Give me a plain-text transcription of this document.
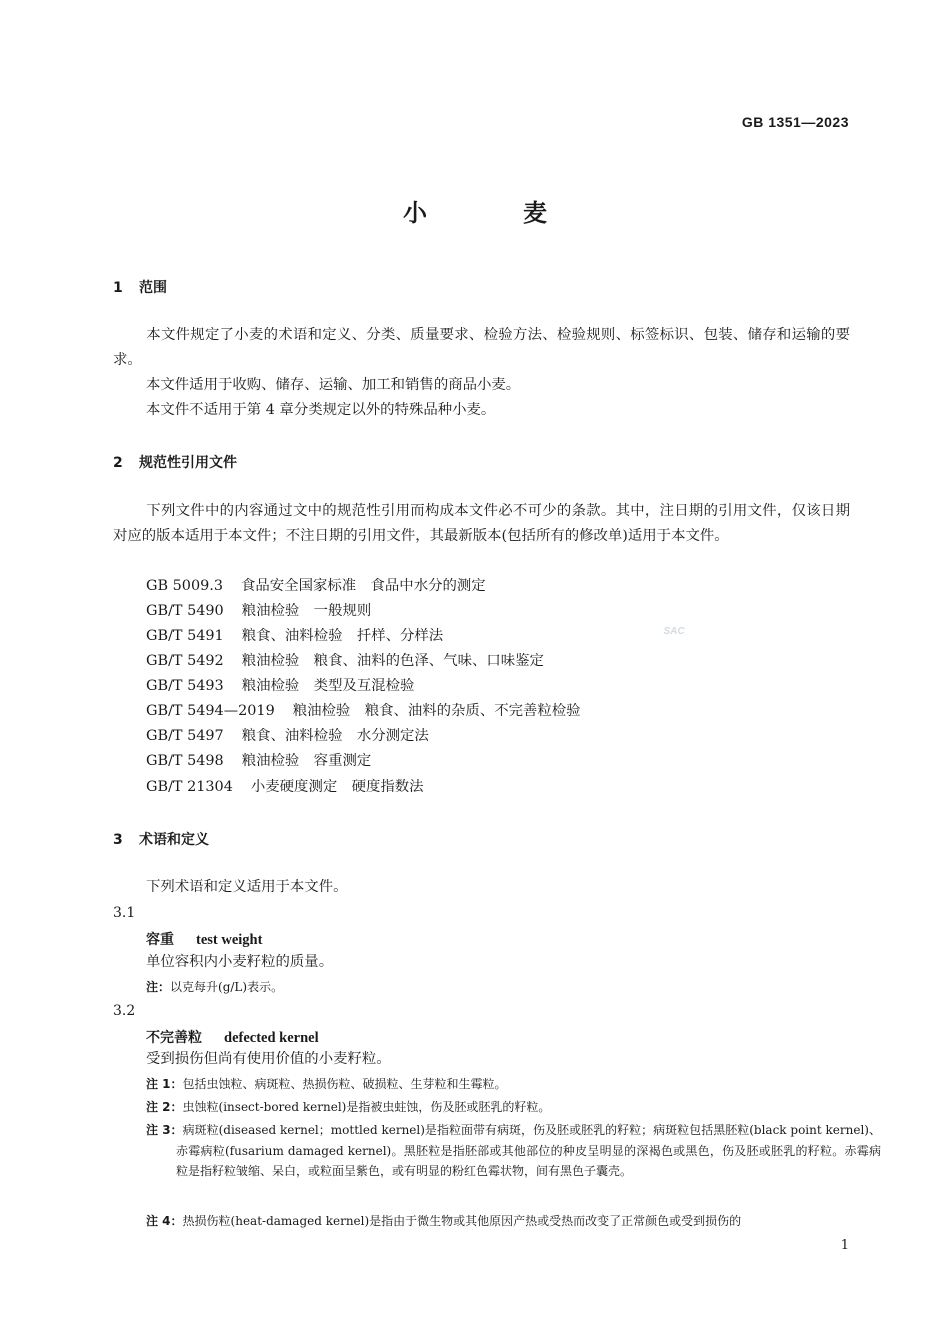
GB 1351—2023
小	麦
1 范围
本文件规定了小麦的术语和定义、分类、质量要求、检验方法、检验规则、标签标识、包装、储存和运输的要求。
本文件适用于收购、储存、运输、加工和销售的商品小麦。
本文件不适用于第 4 章分类规定以外的特殊品种小麦。
2 规范性引用文件
下列文件中的内容通过文中的规范性引用而构成本文件必不可少的条款。其中，注日期的引用文件，仅该日期对应的版本适用于本文件；不注日期的引用文件，其最新版本(包括所有的修改单)适用于本文件。
GB 5009.3 食品安全国家标准　食品中水分的测定
GB/T 5490 粮油检验　一般规则
GB/T 5491 粮食、油料检验　扦样、分样法
GB/T 5492 粮油检验　粮食、油料的色泽、气味、口味鉴定
GB/T 5493 粮油检验　类型及互混检验
GB/T 5494—2019 粮油检验　粮食、油料的杂质、不完善粒检验
GB/T 5497 粮食、油料检验　水分测定法
GB/T 5498 粮油检验　容重测定
GB/T 21304 小麦硬度测定　硬度指数法
SAC
3 术语和定义
下列术语和定义适用于本文件。
3.1
容重 test weight
单位容积内小麦籽粒的质量。
注：以克每升(g/L)表示。
3.2
不完善粒 defected kernel
受到损伤但尚有使用价值的小麦籽粒。
注 1：包括虫蚀粒、病斑粒、热损伤粒、破损粒、生芽粒和生霉粒。
注 2：虫蚀粒(insect-bored kernel)是指被虫蛀蚀，伤及胚或胚乳的籽粒。
注 3：病斑粒(diseased kernel；mottled kernel)是指粒面带有病斑，伤及胚或胚乳的籽粒；病斑粒包括黑胚粒(black point kernel)、赤霉病粒(fusarium damaged kernel)。黑胚粒是指胚部或其他部位的种皮呈明显的深褐色或黑色，伤及胚或胚乳的籽粒。赤霉病粒是指籽粒皱缩、呆白，或粒面呈紫色，或有明显的粉红色霉状物，间有黑色子囊壳。
注 4：热损伤粒(heat-damaged kernel)是指由于微生物或其他原因产热或受热而改变了正常颜色或受到损伤的
1
